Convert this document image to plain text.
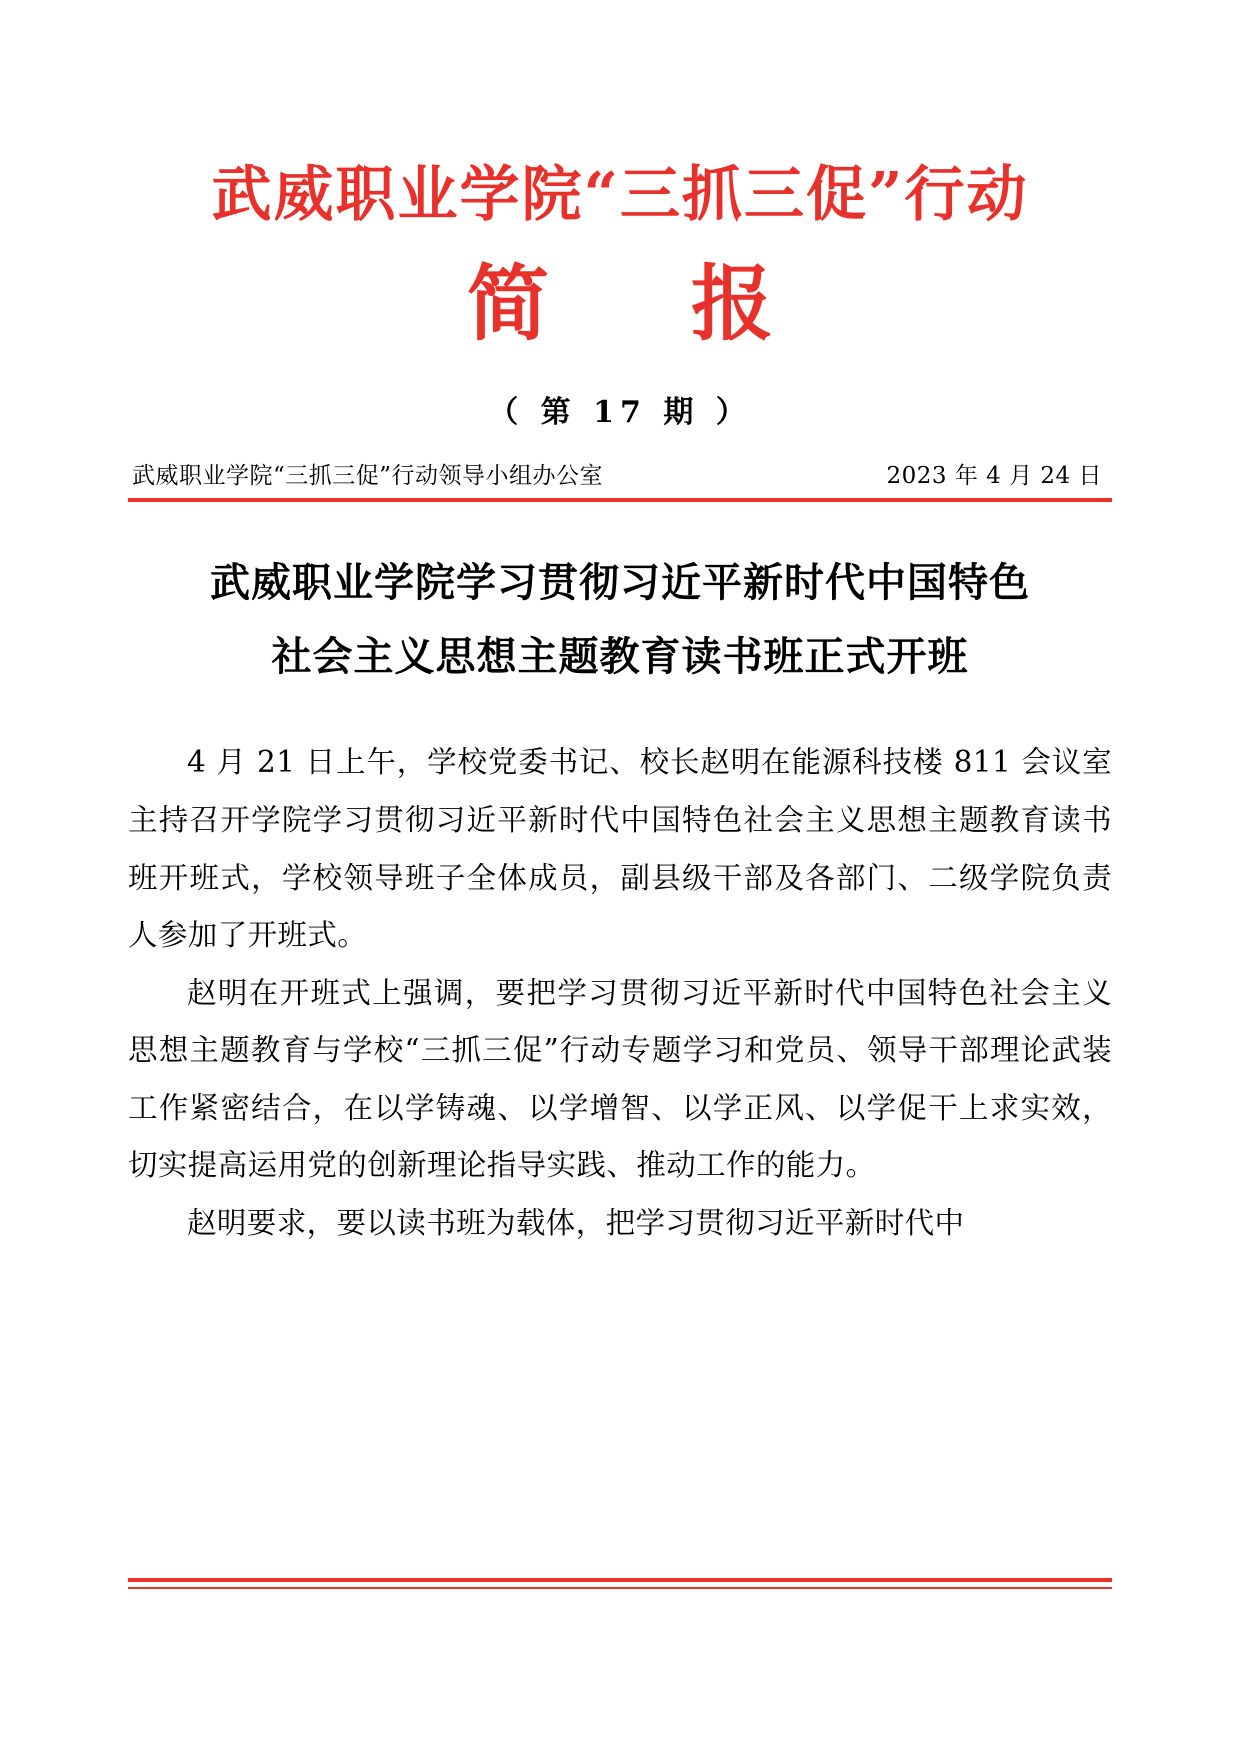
武威职业学院“三抓三促”行动
简　报
（ 第 17 期 ）
武威职业学院“三抓三促”行动领导小组办公室	2023 年 4 月 24 日
武威职业学院学习贯彻习近平新时代中国特色
社会主义思想主题教育读书班正式开班

4 月 21 日上午，学校党委书记、校长赵明在能源科技楼 811 会议室主持召开学院学习贯彻习近平新时代中国特色社会主义思想主题教育读书班开班式，学校领导班子全体成员，副县级干部及各部门、二级学院负责人参加了开班式。

赵明在开班式上强调，要把学习贯彻习近平新时代中国特色社会主义思想主题教育与学校“三抓三促”行动专题学习和党员、领导干部理论武装工作紧密结合，在以学铸魂、以学增智、以学正风、以学促干上求实效，切实提高运用党的创新理论指导实践、推动工作的能力。

赵明要求，要以读书班为载体，把学习贯彻习近平新时代中
